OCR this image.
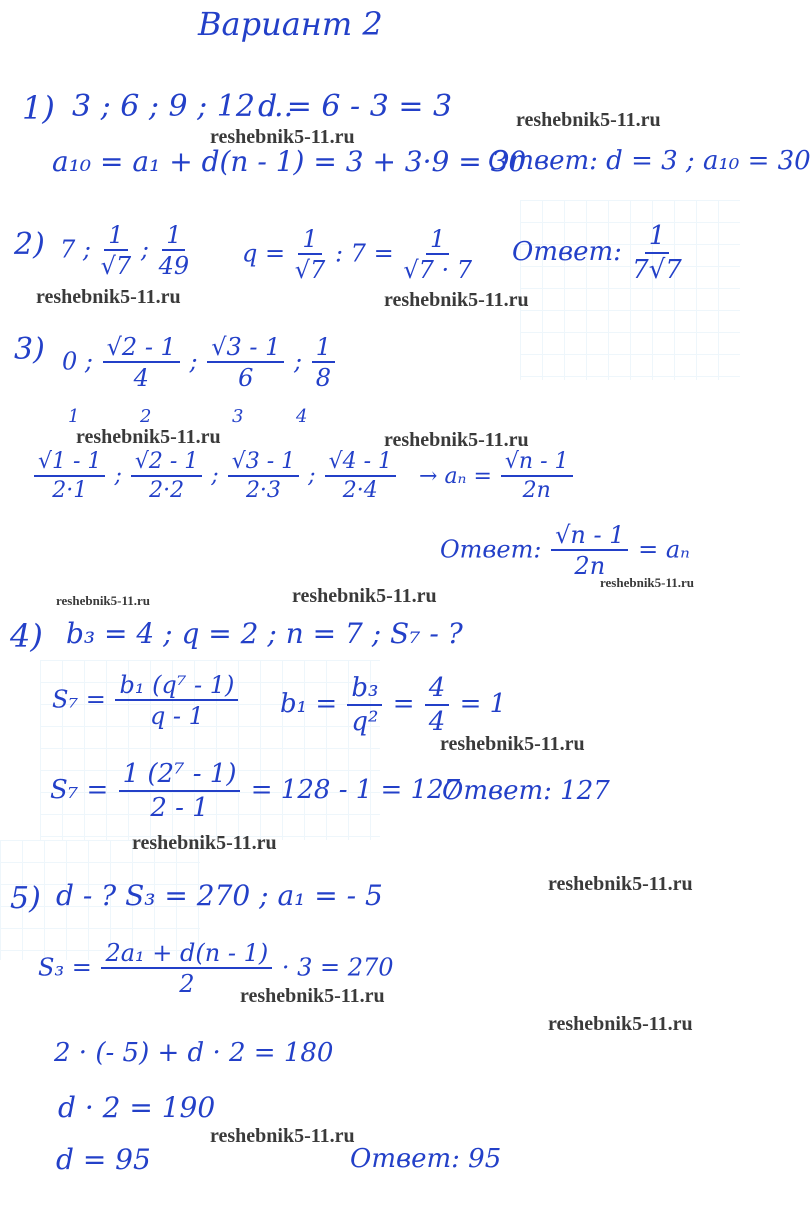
Вариант 2
1) 3 ; 6 ; 9 ; 12 ...
d = 6 - 3 = 3
a₁₀ = a₁ + d(n - 1) = 3 + 3·9 = 30
Ответ: d = 3 ; a₁₀ = 30
2) 7 ; $\frac{1}{√7}$ ; $\frac{1}{49}$ $q = \frac{1}{√7}$ : $7 = \frac{1}{√7 \cdot 7}$ Ответ: $\frac{1}{7√7}$
3) 0 ; $\frac{√2 - 1}{4}$ ; $\frac{√3 - 1}{6}$ ; $\frac{1}{8}$
1	2	3	4
$\frac{√1 - 1}{2\cdot 1}$ ; $\frac{√2 - 1}{2\cdot 2}$ ; $\frac{√3 - 1}{2\cdot 3}$ ; $\frac{√4 - 1}{2\cdot 4} \to a_n = \frac{√n - 1}{2n}$
Ответ: $\frac{√n - 1}{2n} = a_n$
4) b₃ = 4 ; q = 2 ; n = 7 ; S₇ - ?
$S_7 = \frac{\text{b₁ (q⁷ - 1)}}{q - 1} b_1 = \frac{\text{b₃}}{\text{q²}} = \frac{4}{4} = 1$
$S_7 = \frac{\text{1 (2⁷ - 1)}}{2 - 1} = 128 - 1 = 127$
Ответ: 127
5) d - ? S₃ = 270 ; a₁ = - 5
$S_3 = \frac{\text{2a₁ + d(n - 1)}}{2} \cdot 3 = 270$
2 · (- 5) + d · 2 = 180
d · 2 = 190
d = 95	Ответ: 95
reshebnik5-11.ru
reshebnik5-11.ru
reshebnik5-11.ru	reshebnik5-11.ru
reshebnik5-11.ru	reshebnik5-11.ru
reshebnik5-11.ru
reshebnik5-11.ru
reshebnik5-11.ru
reshebnik5-11.ru
reshebnik5-11.ru
reshebnik5-11.ru
reshebnik5-11.ru
reshebnik5-11.ru
reshebnik5-11.ru
